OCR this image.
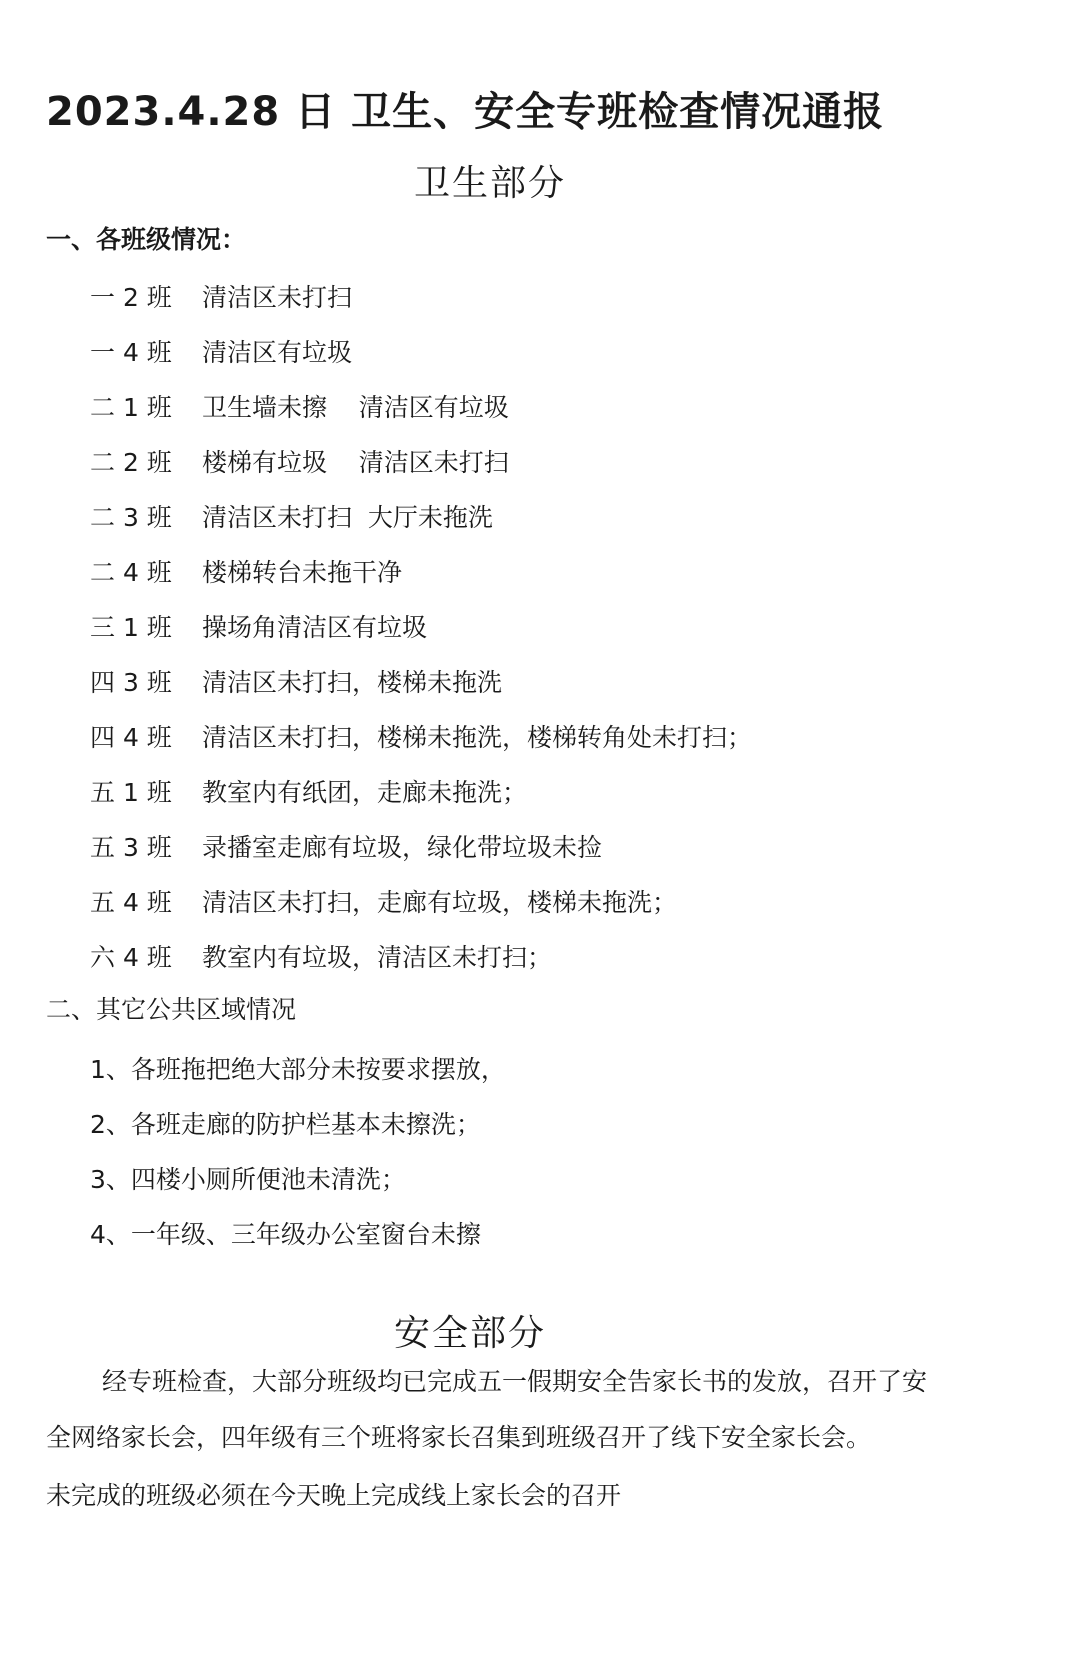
2023.4.28 日 卫生、安全专班检查情况通报
卫生部分
一、各班级情况：
一 2 班	清洁区未打扫
一 4 班	清洁区有垃圾
二 1 班	卫生墙未擦    清洁区有垃圾
二 2 班	楼梯有垃圾    清洁区未打扫
二 3 班	清洁区未打扫  大厅未拖洗
二 4 班	楼梯转台未拖干净
三 1 班	操场角清洁区有垃圾
四 3 班	清洁区未打扫，楼梯未拖洗
四 4 班	清洁区未打扫，楼梯未拖洗，楼梯转角处未打扫；
五 1 班	教室内有纸团，走廊未拖洗；
五 3 班	录播室走廊有垃圾，绿化带垃圾未捡
五 4 班	清洁区未打扫，走廊有垃圾，楼梯未拖洗；
六 4 班	教室内有垃圾，清洁区未打扫；
二、其它公共区域情况
1、各班拖把绝大部分未按要求摆放，
2、各班走廊的防护栏基本未擦洗；
3、四楼小厕所便池未清洗；
4、一年级、三年级办公室窗台未擦
安全部分
经专班检查，大部分班级均已完成五一假期安全告家长书的发放，召开了安
全网络家长会，四年级有三个班将家长召集到班级召开了线下安全家长会。
未完成的班级必须在今天晚上完成线上家长会的召开
